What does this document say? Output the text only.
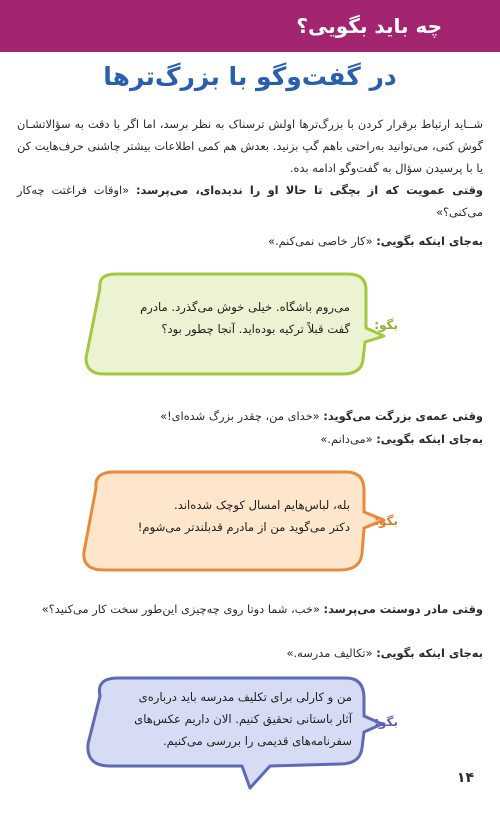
چه باید بگویی؟
در گفت‌وگو با بزرگ‌ترها

شــاید ارتباط برقرار کردن با بزرگ‌ترها اولش ترسناک به نظر برسد، اما اگر با دقت به سؤالاتشـان گوش کنی، می‌توانید به‌راحتی باهم گپ بزنید. بعدش هم کمی اطلاعات بیشتر چاشنی حرف‌هایت کن یا با پرسیدن سؤال به گفت‌وگو ادامه بده.

وقتی عمویت که از بچگی تا حالا او را ندیده‌ای، می‌پرسد: «اوقات فراغتت چه‌کار می‌کنی؟»

به‌جای اینکه بگویی: «کار خاصی نمی‌کنم.»

بگو:

می‌روم باشگاه. خیلی خوش می‌گذرد. مادرم
گفت قبلاً ترکیه بوده‌اید. آنجا چطور بود؟

وقتی عمه‌ی بزرگت می‌گوید: «خدای من، چقدر بزرگ شده‌ای!»

به‌جای اینکه بگویی: «می‌دانم.»

بگو:

بله، لباس‌هایم امسال کوچک شده‌اند.
دکتر می‌گوید من از مادرم قدبلندتر می‌شوم!

وقتی مادر دوستت می‌پرسد: «خب، شما دوتا روی چه‌چیزی این‌طور سخت کار می‌کنید؟»

به‌جای اینکه بگویی: «تکالیف مدرسه.»

بگو:

من و کارلی برای تکلیف مدرسه باید درباره‌ی
آثار باستانی تحقیق کنیم. الان داریم عکس‌های
سفرنامه‌های قدیمی را بررسی می‌کنیم.

۱۴
